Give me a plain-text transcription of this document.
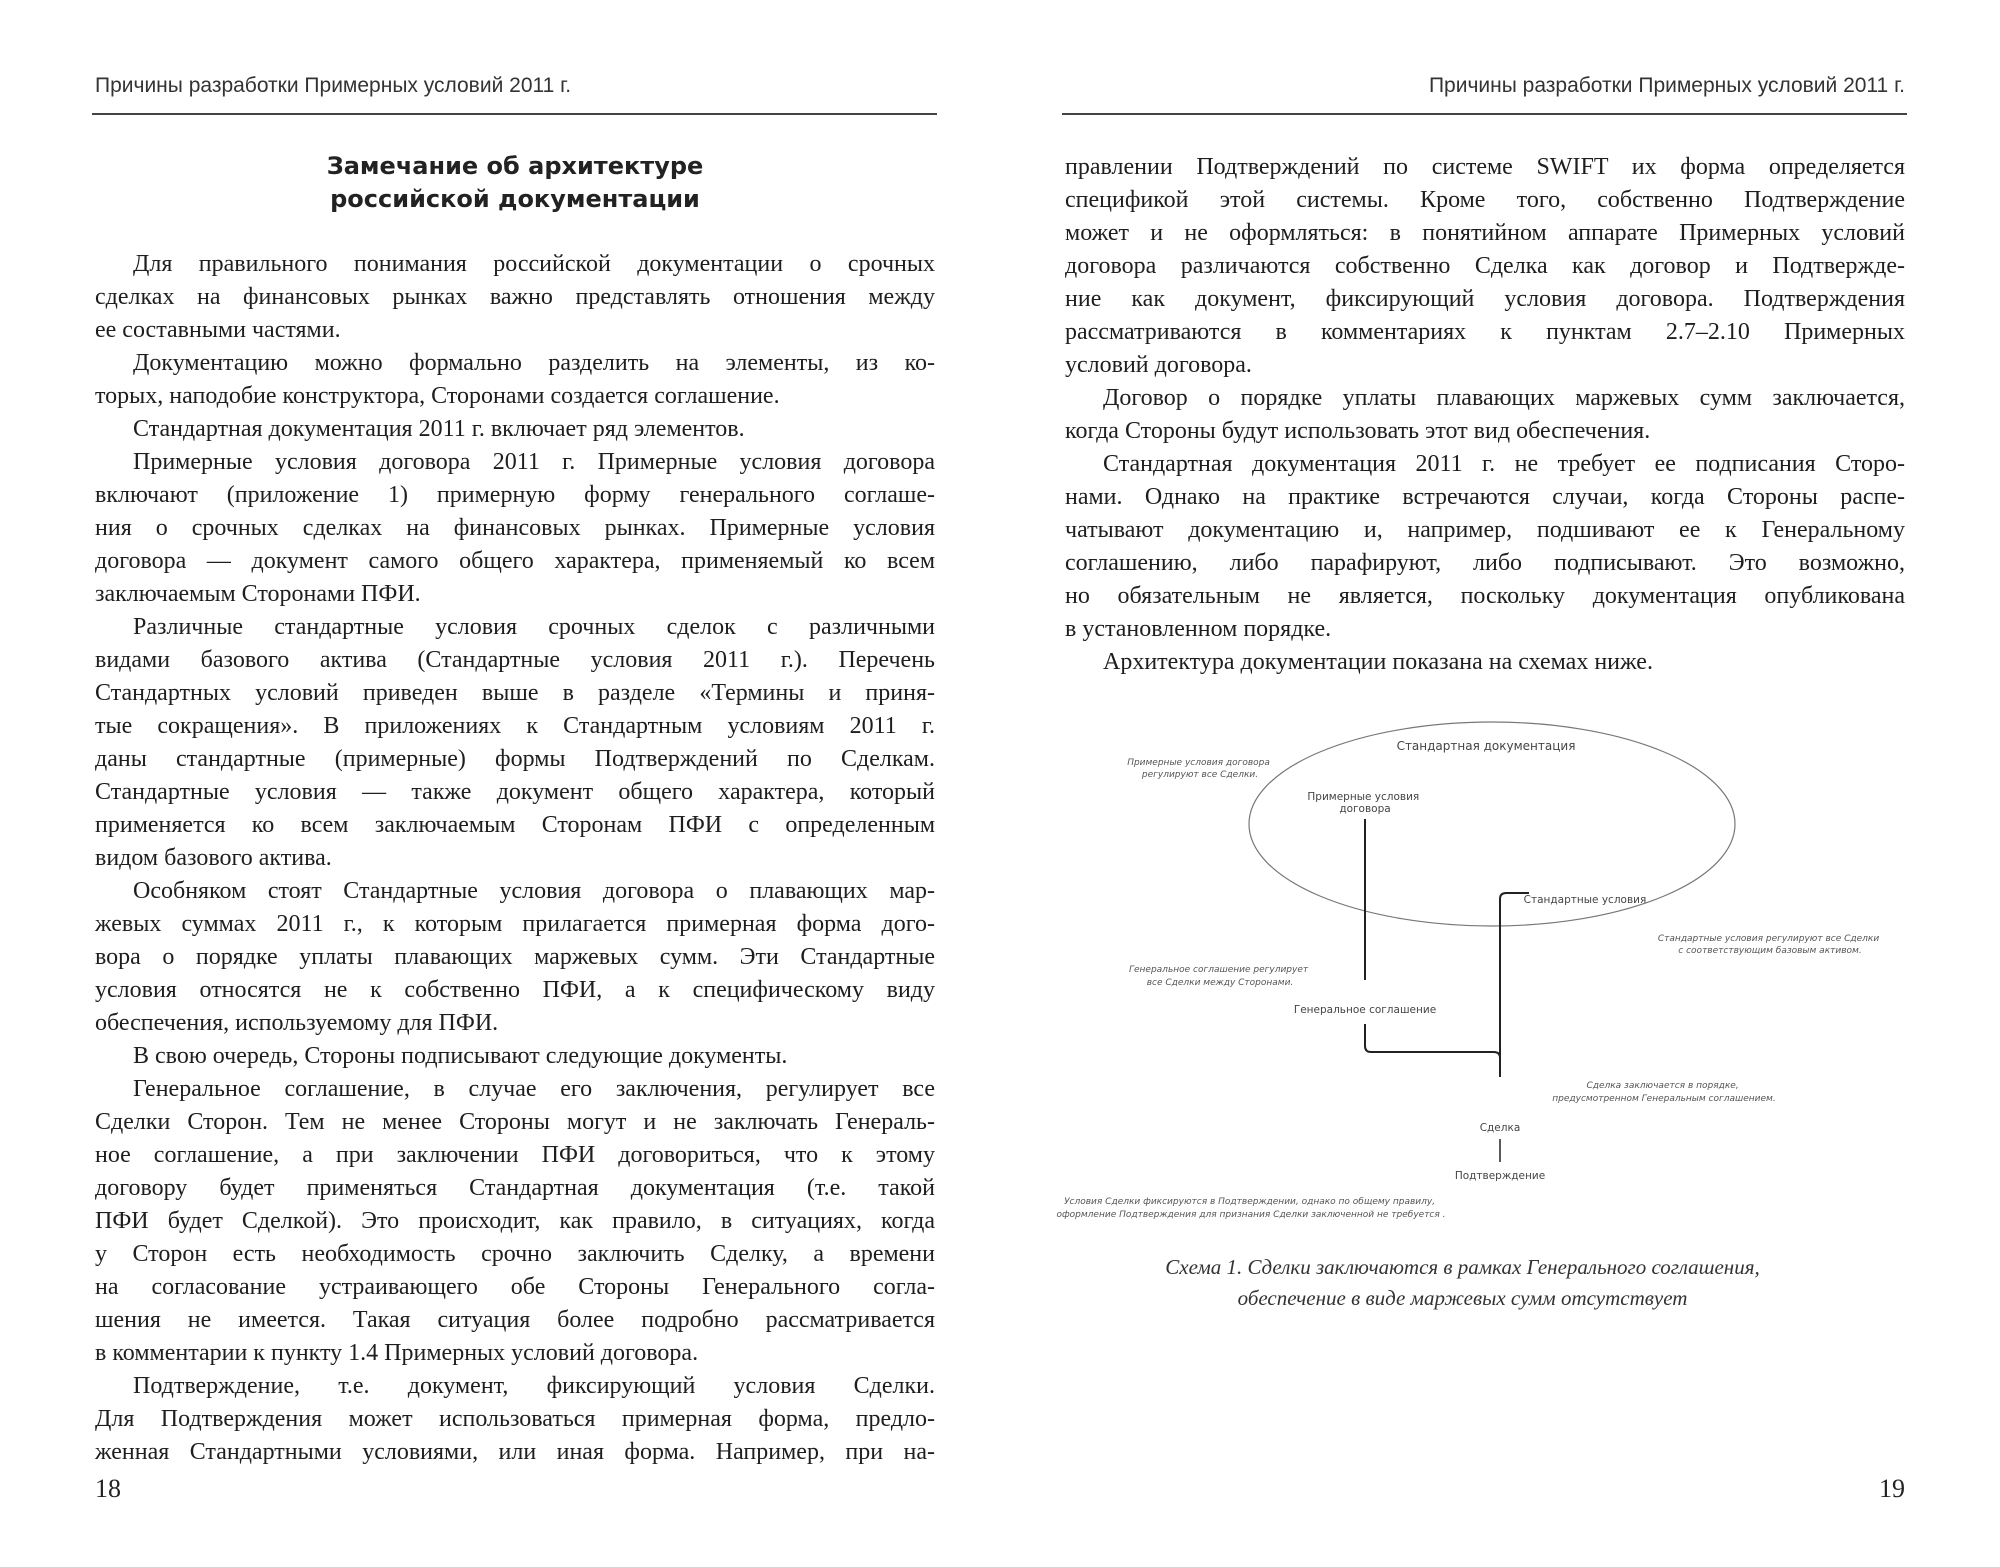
Причины разработки Примерных условий 2011 г.
Замечание об архитектуре
российской документации
Для правильного понимания российской документации о срочных
сделках на финансовых рынках важно представлять отношения между
ее составными частями.
Документацию можно формально разделить на элементы, из ко-
торых, наподобие конструктора, Сторонами создается соглашение.
Стандартная документация 2011 г. включает ряд элементов.
Примерные условия договора 2011 г. Примерные условия договора
включают (приложение 1) примерную форму генерального соглаше-
ния о срочных сделках на финансовых рынках. Примерные условия
договора — документ самого общего характера, применяемый ко всем
заключаемым Сторонами ПФИ.
Различные стандартные условия срочных сделок с различными
видами базового актива (Стандартные условия 2011 г.). Перечень
Стандартных условий приведен выше в разделе «Термины и приня-
тые сокращения». В приложениях к Стандартным условиям 2011 г.
даны стандартные (примерные) формы Подтверждений по Сделкам.
Стандартные условия — также документ общего характера, который
применяется ко всем заключаемым Сторонам ПФИ с определенным
видом базового актива.
Особняком стоят Стандартные условия договора о плавающих мар-
жевых суммах 2011 г., к которым прилагается примерная форма дого-
вора о порядке уплаты плавающих маржевых сумм. Эти Стандартные
условия относятся не к собственно ПФИ, а к специфическому виду
обеспечения, используемому для ПФИ.
В свою очередь, Стороны подписывают следующие документы.
Генеральное соглашение, в случае его заключения, регулирует все
Сделки Сторон. Тем не менее Стороны могут и не заключать Генераль-
ное соглашение, а при заключении ПФИ договориться, что к этому
договору будет применяться Стандартная документация (т.е. такой
ПФИ будет Сделкой). Это происходит, как правило, в ситуациях, когда
у Сторон есть необходимость срочно заключить Сделку, а времени
на согласование устраивающего обе Стороны Генерального согла-
шения не имеется. Такая ситуация более подробно рассматривается
в комментарии к пункту 1.4 Примерных условий договора.
Подтверждение, т.е. документ, фиксирующий условия Сделки.
Для Подтверждения может использоваться примерная форма, предло-
женная Стандартными условиями, или иная форма. Например, при на-
18
Причины разработки Примерных условий 2011 г.
правлении Подтверждений по системе SWIFT их форма определяется
спецификой этой системы. Кроме того, собственно Подтверждение
может и не оформляться: в понятийном аппарате Примерных условий
договора различаются собственно Сделка как договор и Подтвержде-
ние как документ, фиксирующий условия договора. Подтверждения
рассматриваются в комментариях к пунктам 2.7–2.10 Примерных
условий договора.
Договор о порядке уплаты плавающих маржевых сумм заключается,
когда Стороны будут использовать этот вид обеспечения.
Стандартная документация 2011 г. не требует ее подписания Сторо-
нами. Однако на практике встречаются случаи, когда Стороны распе-
чатывают документацию и, например, подшивают ее к Генеральному
соглашению, либо парафируют, либо подписывают. Это возможно,
но обязательным не является, поскольку документация опубликована
в установленном порядке.
Архитектура документации показана на схемах ниже.
19
Стандартная документация
Примерные условия договора регулируют все Сделки.
Примерные условия договора
Стандартные условия
Стандартные условия регулируют все Сделки с соответствующим базовым активом.
Генеральное соглашение регулирует все Сделки между Сторонами.
Генеральное соглашение
Сделка заключается в порядке, предусмотренном Генеральным соглашением.
Сделка
Подтверждение
Условия Сделки фиксируются в Подтверждении, однако по общему правилу, оформление Подтверждения для признания Сделки заключенной не требуется .
Схема 1. Сделки заключаются в рамках Генерального соглашения,
обеспечение в виде маржевых сумм отсутствует
